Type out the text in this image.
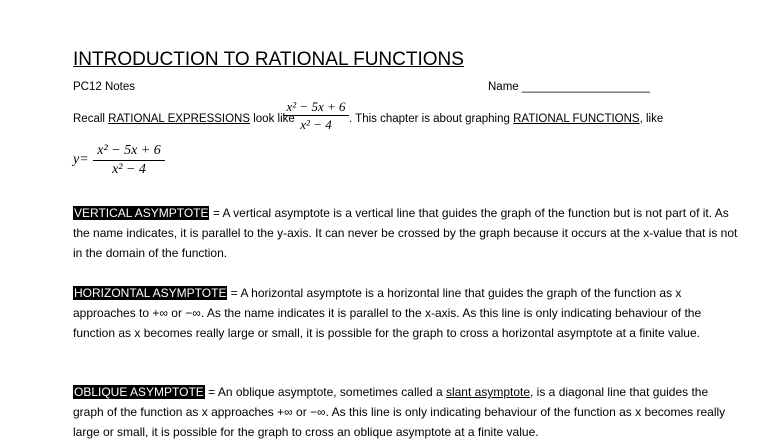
INTRODUCTION TO RATIONAL FUNCTIONS
PC12 Notes	Name ____________________
Recall RATIONAL EXPRESSIONS look like
x² − 5x + 6
x² − 4	. This chapter is about graphing RATIONAL FUNCTIONS, like
y=
x² − 5x + 6
x² − 4
VERTICAL ASYMPTOTE = A vertical asymptote is a vertical line that guides the graph of the function but is not part of it. As the name indicates, it is parallel to the y-axis. It can never be crossed by the graph because it occurs at the x-value that is not in the domain of the function.
HORIZONTAL ASYMPTOTE = A horizontal asymptote is a horizontal line that guides the graph of the function as x approaches to +∞ or −∞. As the name indicates it is parallel to the x-axis. As this line is only indicating behaviour of the function as x becomes really large or small, it is possible for the graph to cross a horizontal asymptote at a finite value.
OBLIQUE ASYMPTOTE = An oblique asymptote, sometimes called a slant asymptote, is a diagonal line that guides the graph of the function as x approaches +∞ or −∞. As this line is only indicating behaviour of the function as x becomes really large or small, it is possible for the graph to cross an oblique asymptote at a finite value.
